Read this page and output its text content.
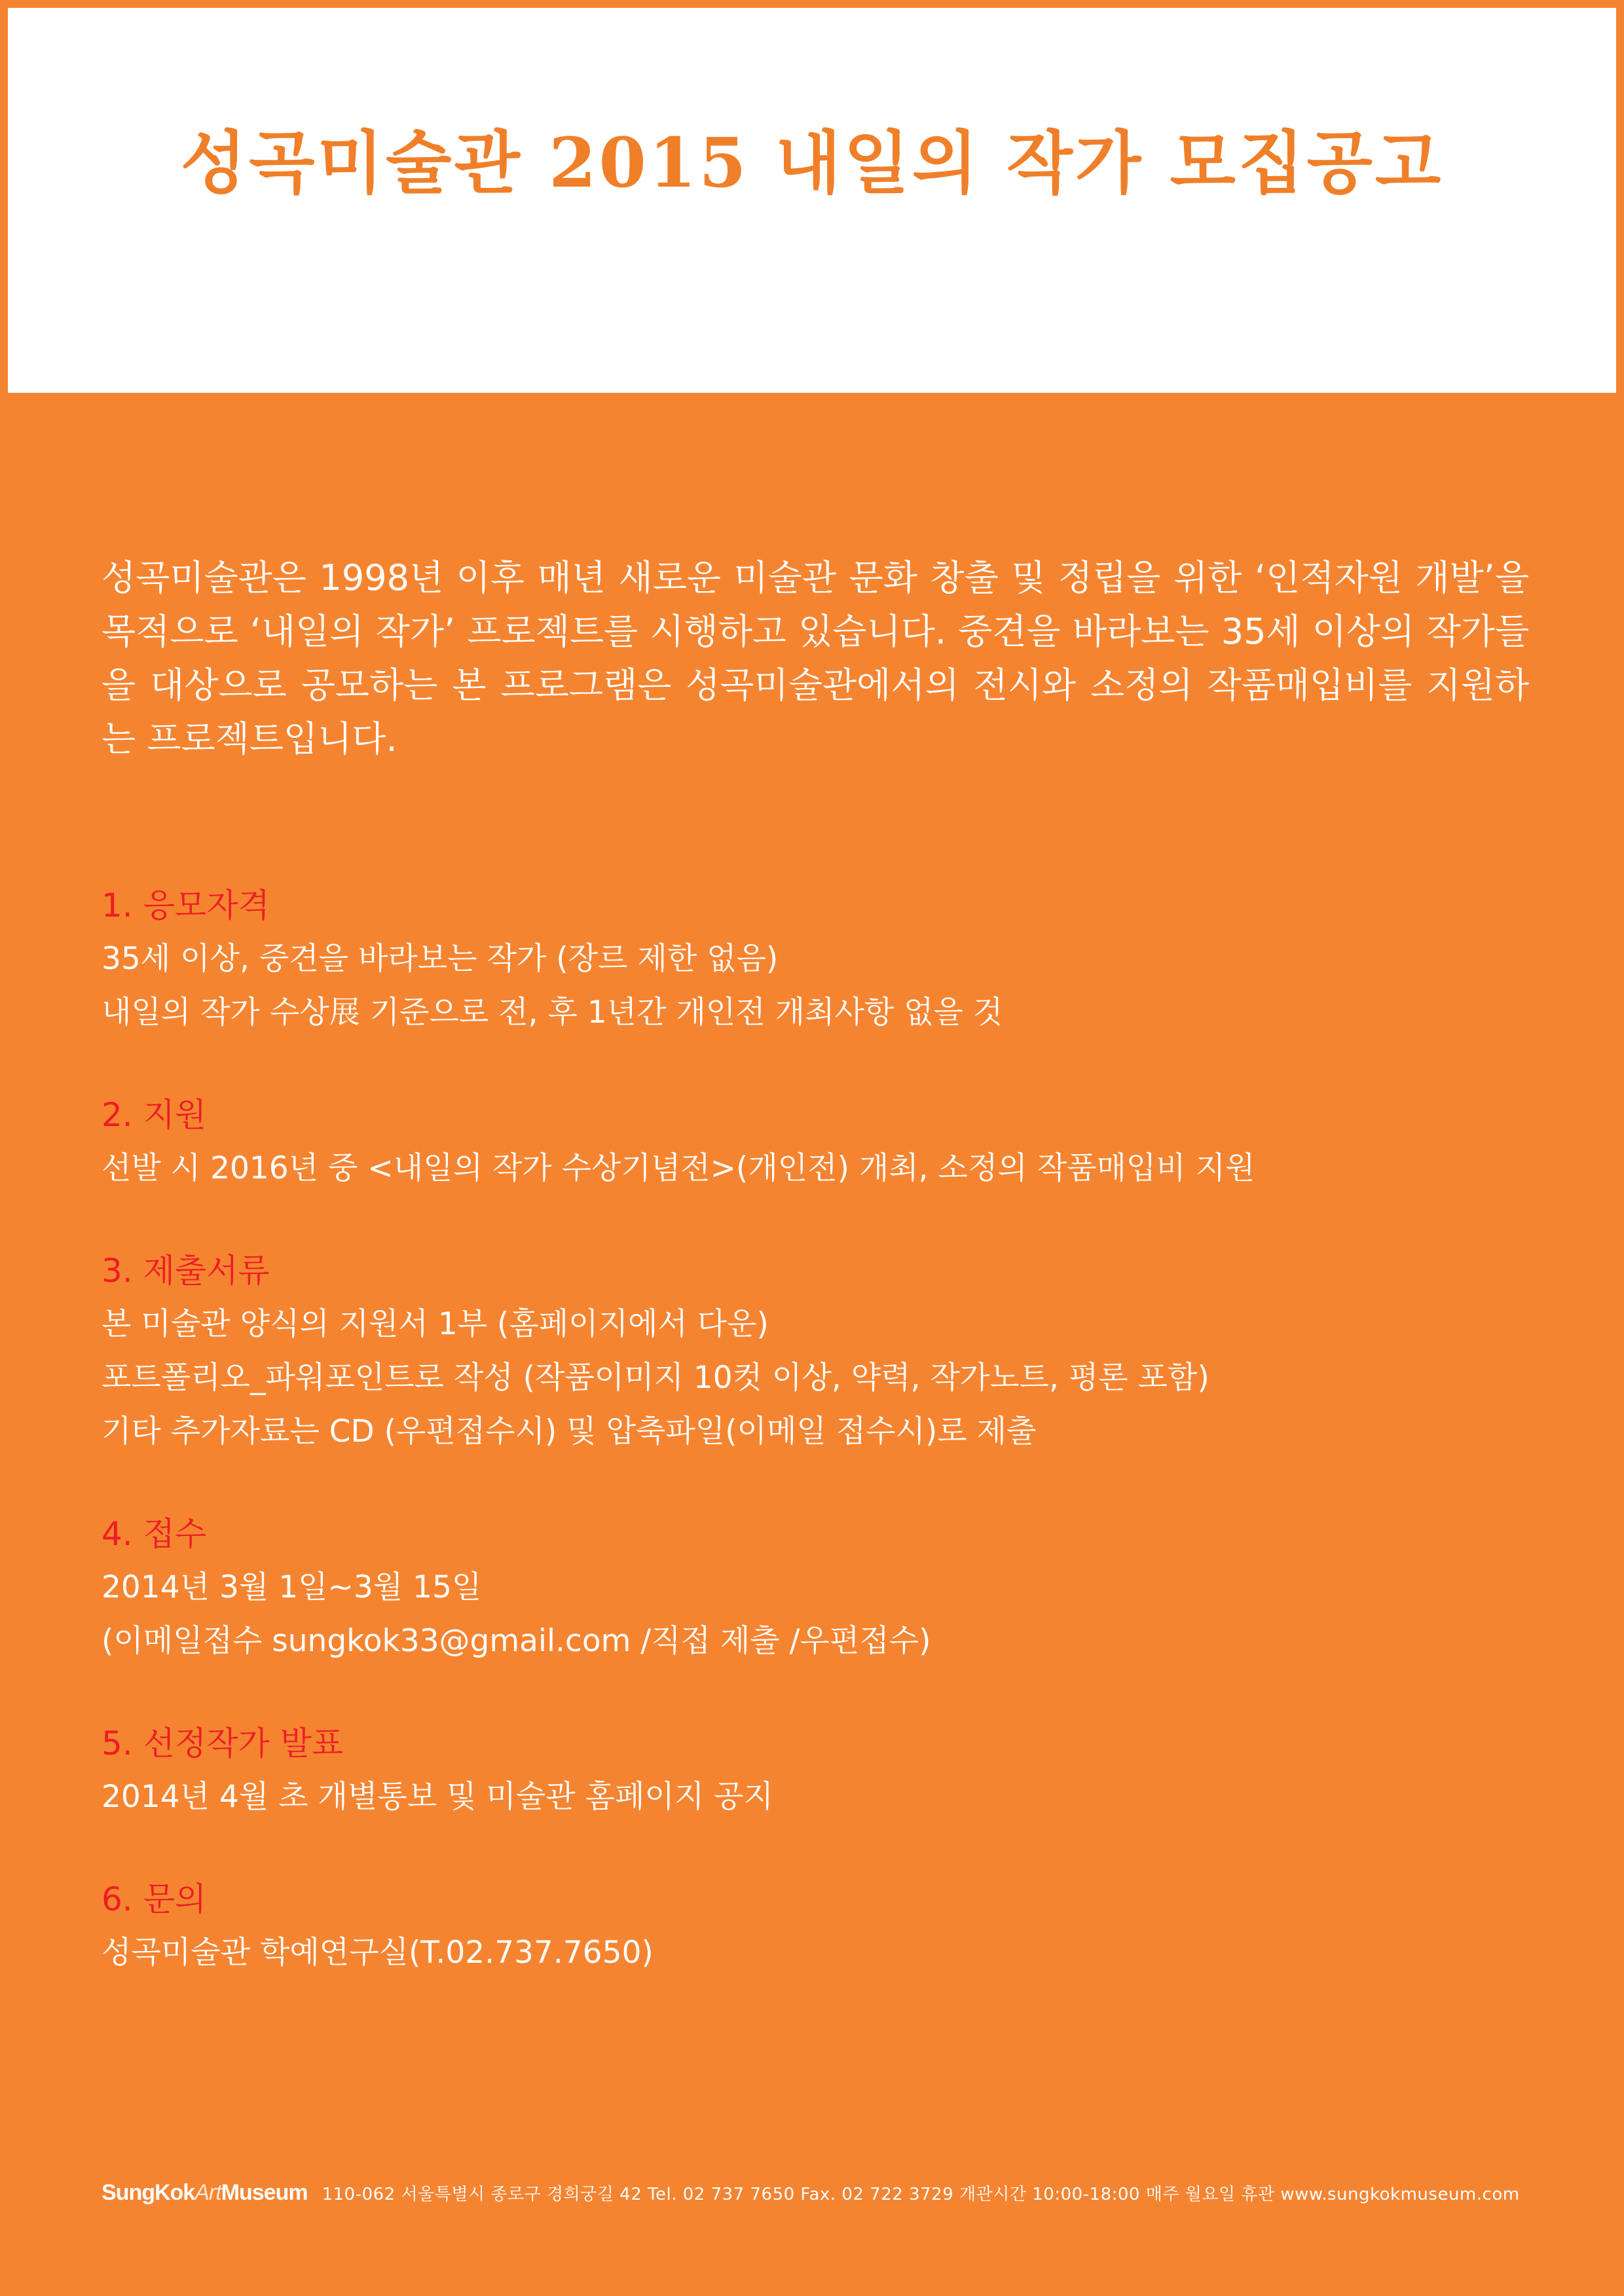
성곡미술관 2015 내일의 작가 모집공고

성곡미술관은 1998년 이후 매년 새로운 미술관 문화 창출 및 정립을 위한 ‘인적자원 개발’을 목적으로 ‘내일의 작가’ 프로젝트를 시행하고 있습니다. 중견을 바라보는 35세 이상의 작가들을 대상으로 공모하는 본 프로그램은 성곡미술관에서의 전시와 소정의 작품매입비를 지원하는 프로젝트입니다.

1. 응모자격

35세 이상, 중견을 바라보는 작가 (장르 제한 없음)

내일의 작가 수상展 기준으로 전, 후 1년간 개인전 개최사항 없을 것

2. 지원

선발 시 2016년 중 <내일의 작가 수상기념전>(개인전) 개최, 소정의 작품매입비 지원

3. 제출서류

본 미술관 양식의 지원서 1부 (홈페이지에서 다운)

포트폴리오_파워포인트로 작성 (작품이미지 10컷 이상, 약력, 작가노트, 평론 포함)

기타 추가자료는 CD (우편접수시) 및 압축파일(이메일 접수시)로 제출

4. 접수

2014년 3월 1일~3월 15일

(이메일접수 sungkok33@gmail.com /직접 제출 /우편접수)

5. 선정작가 발표

2014년 4월 초 개별통보 및 미술관 홈페이지 공지

6. 문의

성곡미술관 학예연구실(T.02.737.7650)

SungKokArtMuseum 110-062 서울특별시 종로구 경희궁길 42 Tel. 02 737 7650 Fax. 02 722 3729 개관시간 10:00-18:00 매주 월요일 휴관 www.sungkokmuseum.com
